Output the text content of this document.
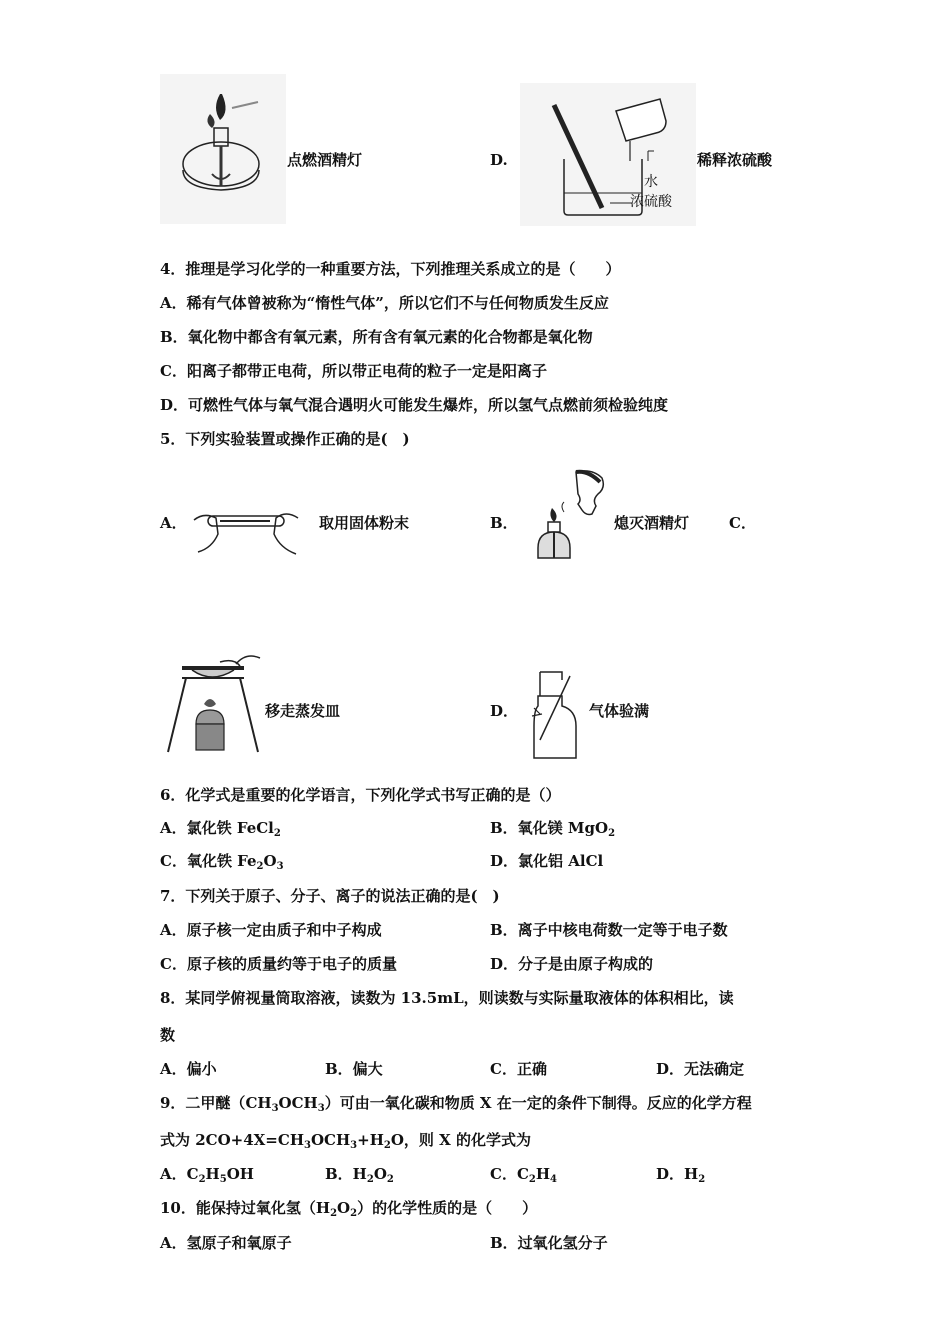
点燃酒精灯	D.
水
浓硫酸
稀释浓硫酸
4．推理是学习化学的一种重要方法，下列推理关系成立的是（　　）
A．稀有气体曾被称为“惰性气体”，所以它们不与任何物质发生反应
B．氧化物中都含有氧元素，所有含有氧元素的化合物都是氧化物
C．阳离子都带正电荷，所以带正电荷的粒子一定是阳离子
D．可燃性气体与氧气混合遇明火可能发生爆炸，所以氢气点燃前须检验纯度
5．下列实验装置或操作正确的是(　)
A．	取用固体粉末	B．	熄灭酒精灯	C．
移走蒸发皿	D．	气体验满
6．化学式是重要的化学语言，下列化学式书写正确的是（）
A．氯化铁 FeCl$_2$	B．氧化镁 MgO$_2$
C．氧化铁 $Fe_2O_3$	D．氯化铝 AlCl
7．下列关于原子、分子、离子的说法正确的是(　)
A．原子核一定由质子和中子构成	B．离子中核电荷数一定等于电子数
C．原子核的质量约等于电子的质量	D．分子是由原子构成的
8．某同学俯视量筒取溶液，读数为 13.5mL，则读数与实际量取液体的体积相比，读
数
A．偏小	B．偏大	C．正确	D．无法确定
9．二甲醚$(CH_3OCH_3)$可由一氧化碳和物质 X 在一定的条件下制得。反应的化学方程
式为 $2CO+4X=CH_3OCH_3+H_2O$，则 X 的化学式为
A．$C_2H_5OH$	B．$H_2O_2$	C．$C_2H_4$	D．$H_2$
10．能保持过氧化氢$(H_2O_2)$的化学性质的是（　　）
A．氢原子和氧原子	B．过氧化氢分子
